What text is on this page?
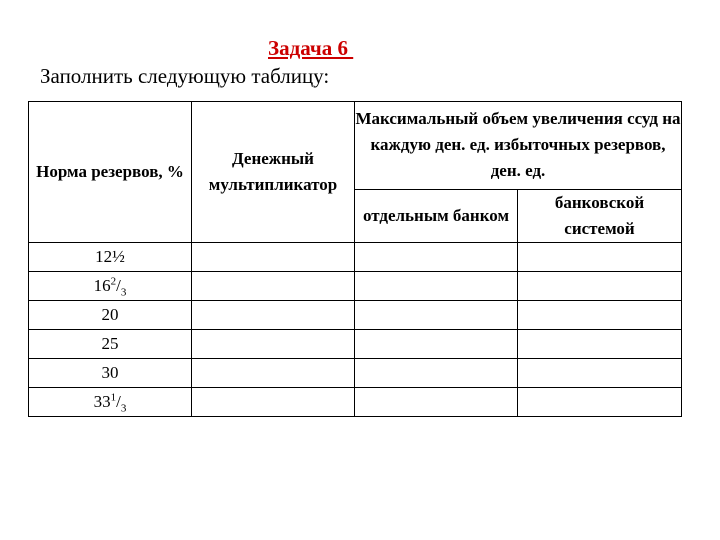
Задача 6
Заполнить следующую таблицу:
Норма резервов, %	Денежный мультипликатор	Максимальный объем увеличения ссуд на каждую ден. ед. избыточных резервов, ден. ед.	
		отдельным банком	банковской системой
12½			
$16^2/_3$			
20			
25			
30			
$33^1/_3$			
